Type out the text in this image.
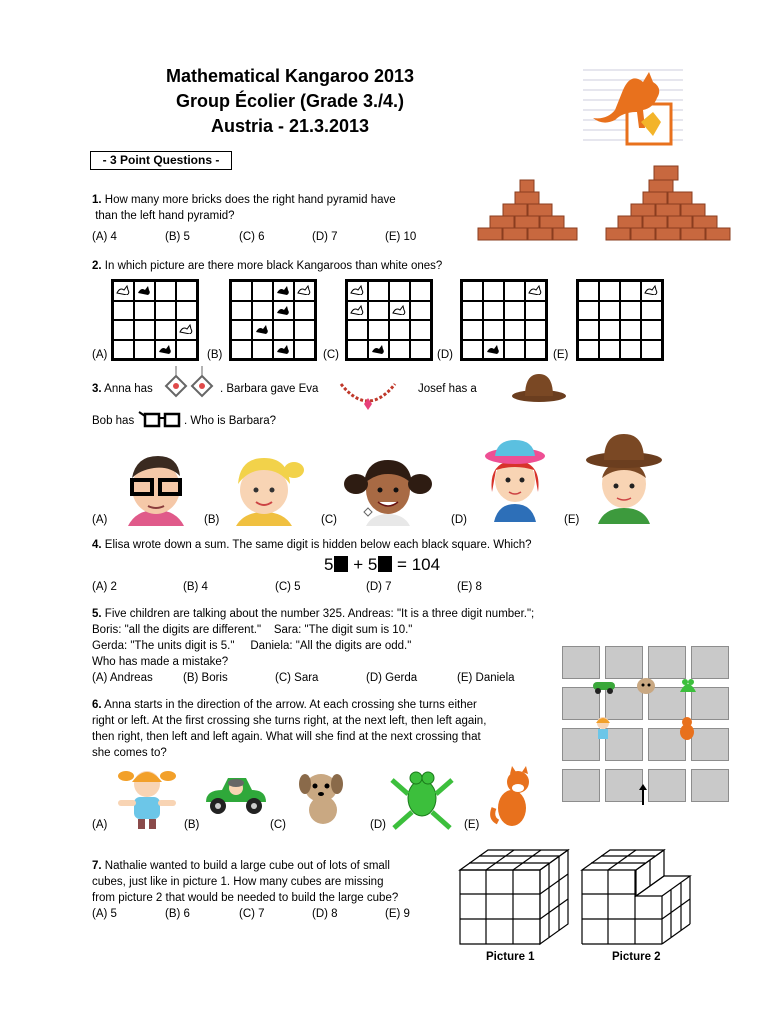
Mathematical Kangaroo 2013
Group Écolier (Grade 3./4.)
Austria - 21.3.2013
- 3 Point Questions -
1. How many more bricks does the right hand pyramid have
than the left hand pyramid?
(A) 4	(B) 5	(C) 6	(D) 7	(E) 10
2. In which picture are there more black Kangaroos than white ones?
(A)	(B)	(C)	(D)	(E)
3. Anna has	. Barbara gave Eva	Josef has a
Bob has	. Who is Barbara?
(A)	(B)	(C)	(D)	(E)
4. Elisa wrote down a sum. The same digit is hidden below each black square. Which?
5 + 5 = 104
(A) 2	(B) 4	(C) 5	(D) 7	(E) 8
5. Five children are talking about the number 325. Andreas: "It is a three digit number.";
Boris: "all the digits are different."    Sara: "The digit sum is 10."
Gerda: "The units digit is 5."     Daniela: "All the digits are odd."
Who has made a mistake?
(A) Andreas	(B) Boris	(C) Sara	(D) Gerda	(E) Daniela
6. Anna starts in the direction of the arrow. At each crossing she turns either
right or left. At the first crossing she turns right, at the next left, then left again,
then right, then left and left again. What will she find at the next crossing that
she comes to?
(A)	(B)	(C)	(D)	(E)
7. Nathalie wanted to build a large cube out of lots of small
cubes, just like in picture 1. How many cubes are missing
from picture 2 that would be needed to build the large cube?
(A) 5	(B) 6	(C) 7	(D) 8	(E) 9
Picture 1	Picture 2
